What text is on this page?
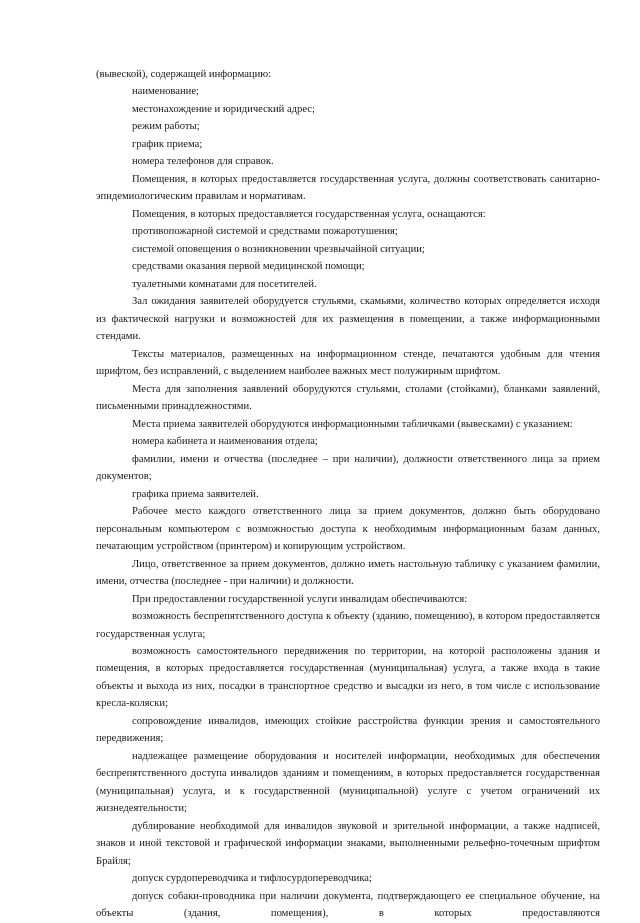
(вывеской), содержащей информацию:

наименование;

местонахождение и юридический адрес;

режим работы;

график приема;

номера телефонов для справок.

Помещения, в которых предоставляется государственная услуга, должны соответствовать санитарно-эпидемиологическим правилам и нормативам.

Помещения, в которых предоставляется государственная услуга, оснащаются:

противопожарной системой и средствами пожаротушения;

системой оповещения о возникновении чрезвычайной ситуации;

средствами оказания первой медицинской помощи;

туалетными комнатами для посетителей.

Зал ожидания заявителей оборудуется стульями, скамьями, количество которых определяется исходя из фактической нагрузки и возможностей для их размещения в помещении, а также информационными стендами.

Тексты материалов, размещенных на информационном стенде, печатаются удобным для чтения шрифтом, без исправлений, с выделением наиболее важных мест полужирным шрифтом.

Места для заполнения заявлений оборудуются стульями, столами (стойками), бланками заявлений, письменными принадлежностями.

Места приема заявителей оборудуются информационными табличками (вывесками) с указанием:

номера кабинета и наименования отдела;

фамилии, имени и отчества (последнее – при наличии), должности ответственного лица за прием документов;

графика приема заявителей.

Рабочее место каждого ответственного лица за прием документов, должно быть оборудовано персональным компьютером с возможностью доступа к необходимым информационным базам данных, печатающим устройством (принтером) и копирующим устройством.

Лицо, ответственное за прием документов, должно иметь настольную табличку с указанием фамилии, имени, отчества (последнее - при наличии) и должности.

При предоставлении государственной услуги инвалидам обеспечиваются:

возможность беспрепятственного доступа к объекту (зданию, помещению), в котором предоставляется государственная услуга;

возможность самостоятельного передвижения по территории, на которой расположены здания и помещения, в которых предоставляется государственная (муниципальная) услуга, а также входа в такие объекты и выхода из них, посадки в транспортное средство и высадки из него, в том числе с использование кресла-коляски;

сопровождение инвалидов, имеющих стойкие расстройства функции зрения и самостоятельного передвижения;

надлежащее размещение оборудования и носителей информации, необходимых для обеспечения беспрепятственного доступа инвалидов зданиям и помещениям, в которых предоставляется государственная (муниципальная) услуга, и к государственной (муниципальной) услуге с учетом ограничений их жизнедеятельности;

дублирование необходимой для инвалидов звуковой и зрительной информации, а также надписей, знаков и иной текстовой и графической информации знаками, выполненными рельефно-точечным шрифтом Брайля;

допуск сурдопереводчика и тифлосурдопереводчика;

допуск собаки-проводника при наличии документа, подтверждающего ее специальное обучение, на объекты (здания, помещения), в которых предоставляются
